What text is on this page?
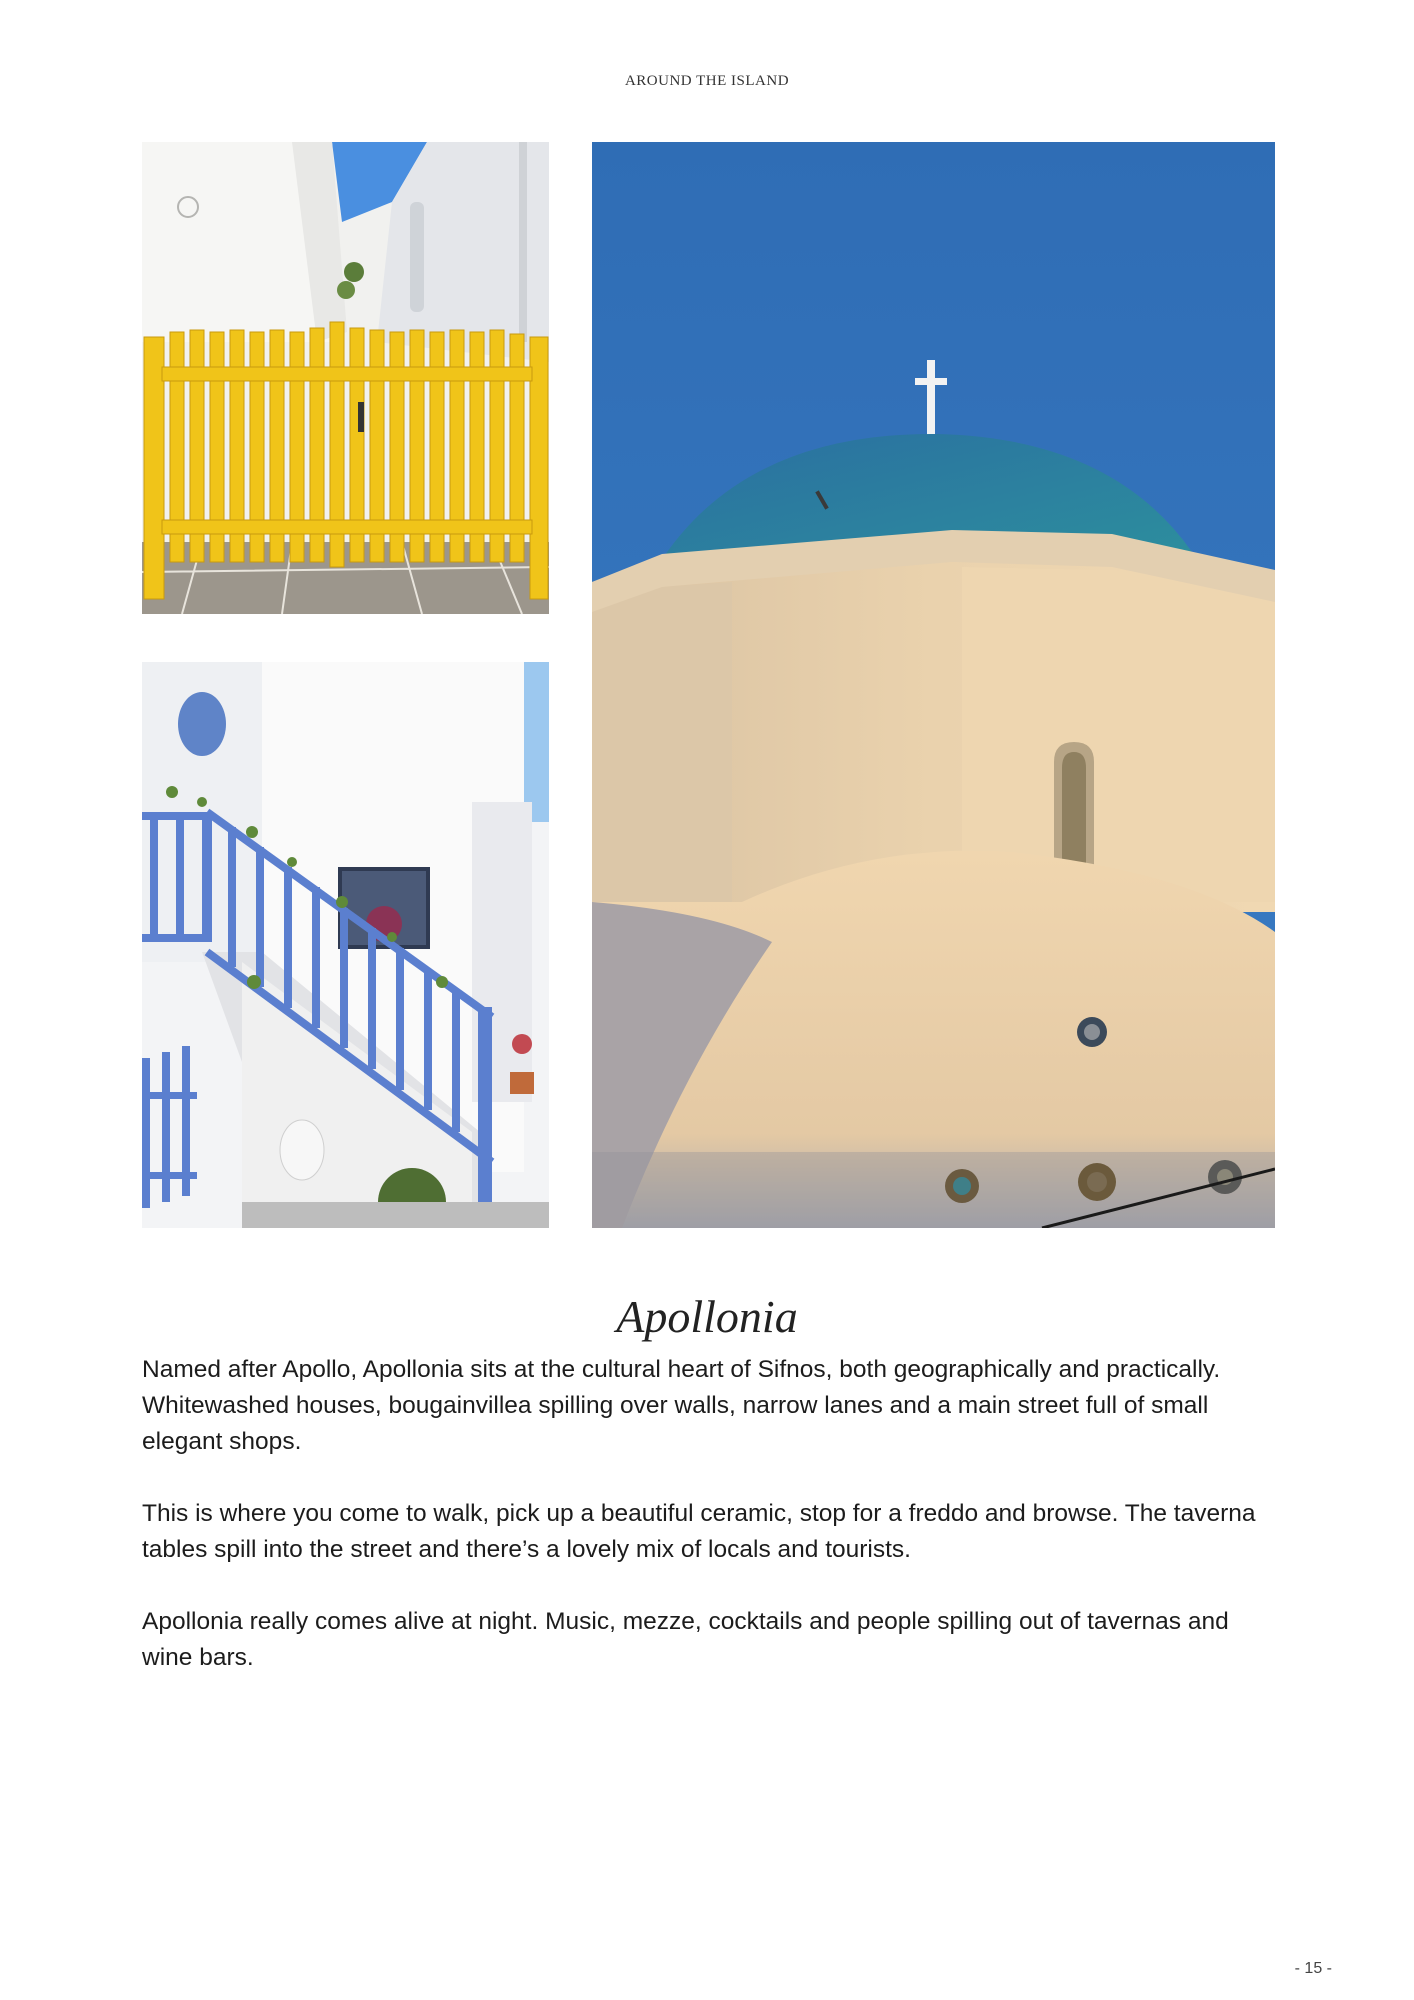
AROUND THE ISLAND
Apollonia

Named after Apollo, Apollonia sits at the cultural heart of Sifnos, both geographically and practically. Whitewashed houses, bougainvillea spilling over walls, narrow lanes and a main street full of small elegant shops.

This is where you come to walk, pick up a beautiful ceramic, stop for a freddo and browse. The taverna tables spill into the street and there’s a lovely mix of locals and tourists.

Apollonia really comes alive at night. Music, mezze, cocktails and people spilling out of tavernas and wine bars.

- 15 -
